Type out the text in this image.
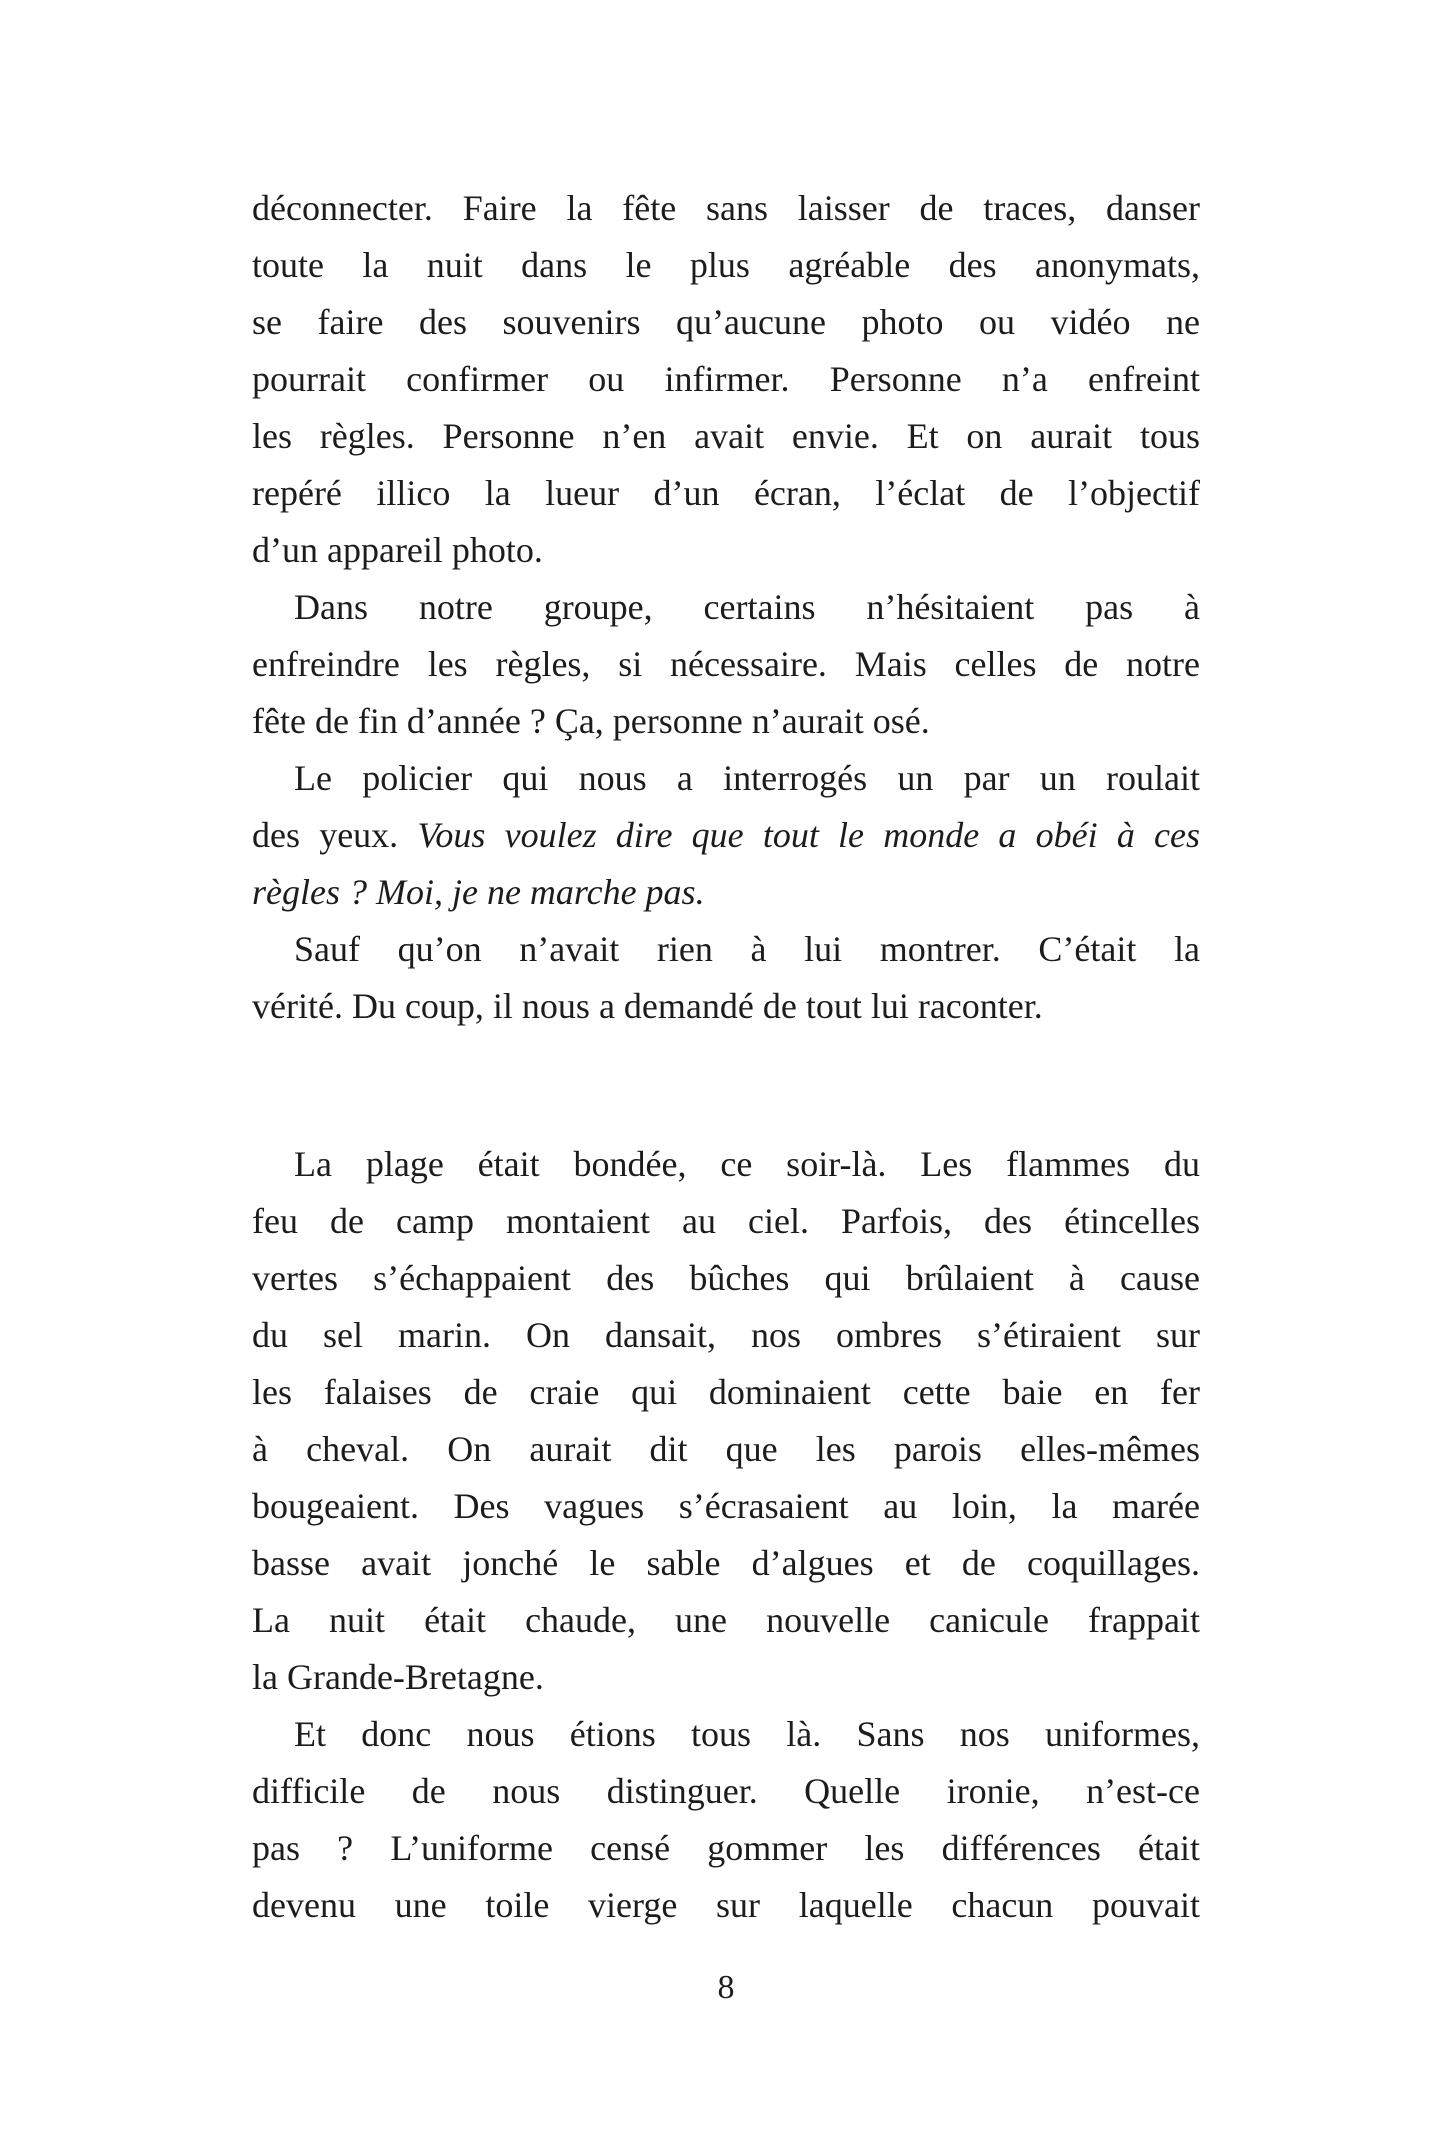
déconnecter. Faire la fête sans laisser de traces, danser
toute la nuit dans le plus agréable des anonymats,
se faire des souvenirs qu’aucune photo ou vidéo ne
pourrait confirmer ou infirmer. Personne n’a enfreint
les règles. Personne n’en avait envie. Et on aurait tous
repéré illico la lueur d’un écran, l’éclat de l’objectif
d’un appareil photo.
Dans notre groupe, certains n’hésitaient pas à
enfreindre les règles, si nécessaire. Mais celles de notre
fête de fin d’année ? Ça, personne n’aurait osé.
Le policier qui nous a interrogés un par un roulait
des yeux. Vous voulez dire que tout le monde a obéi à ces
règles ? Moi, je ne marche pas.
Sauf qu’on n’avait rien à lui montrer. C’était la
vérité. Du coup, il nous a demandé de tout lui raconter.
La plage était bondée, ce soir-là. Les flammes du
feu de camp montaient au ciel. Parfois, des étincelles
vertes s’échappaient des bûches qui brûlaient à cause
du sel marin. On dansait, nos ombres s’étiraient sur
les falaises de craie qui dominaient cette baie en fer
à cheval. On aurait dit que les parois elles-mêmes
bougeaient. Des vagues s’écrasaient au loin, la marée
basse avait jonché le sable d’algues et de coquillages.
La nuit était chaude, une nouvelle canicule frappait
la Grande-Bretagne.
Et donc nous étions tous là. Sans nos uniformes,
difficile de nous distinguer. Quelle ironie, n’est-ce
pas ? L’uniforme censé gommer les différences était
devenu une toile vierge sur laquelle chacun pouvait
8
